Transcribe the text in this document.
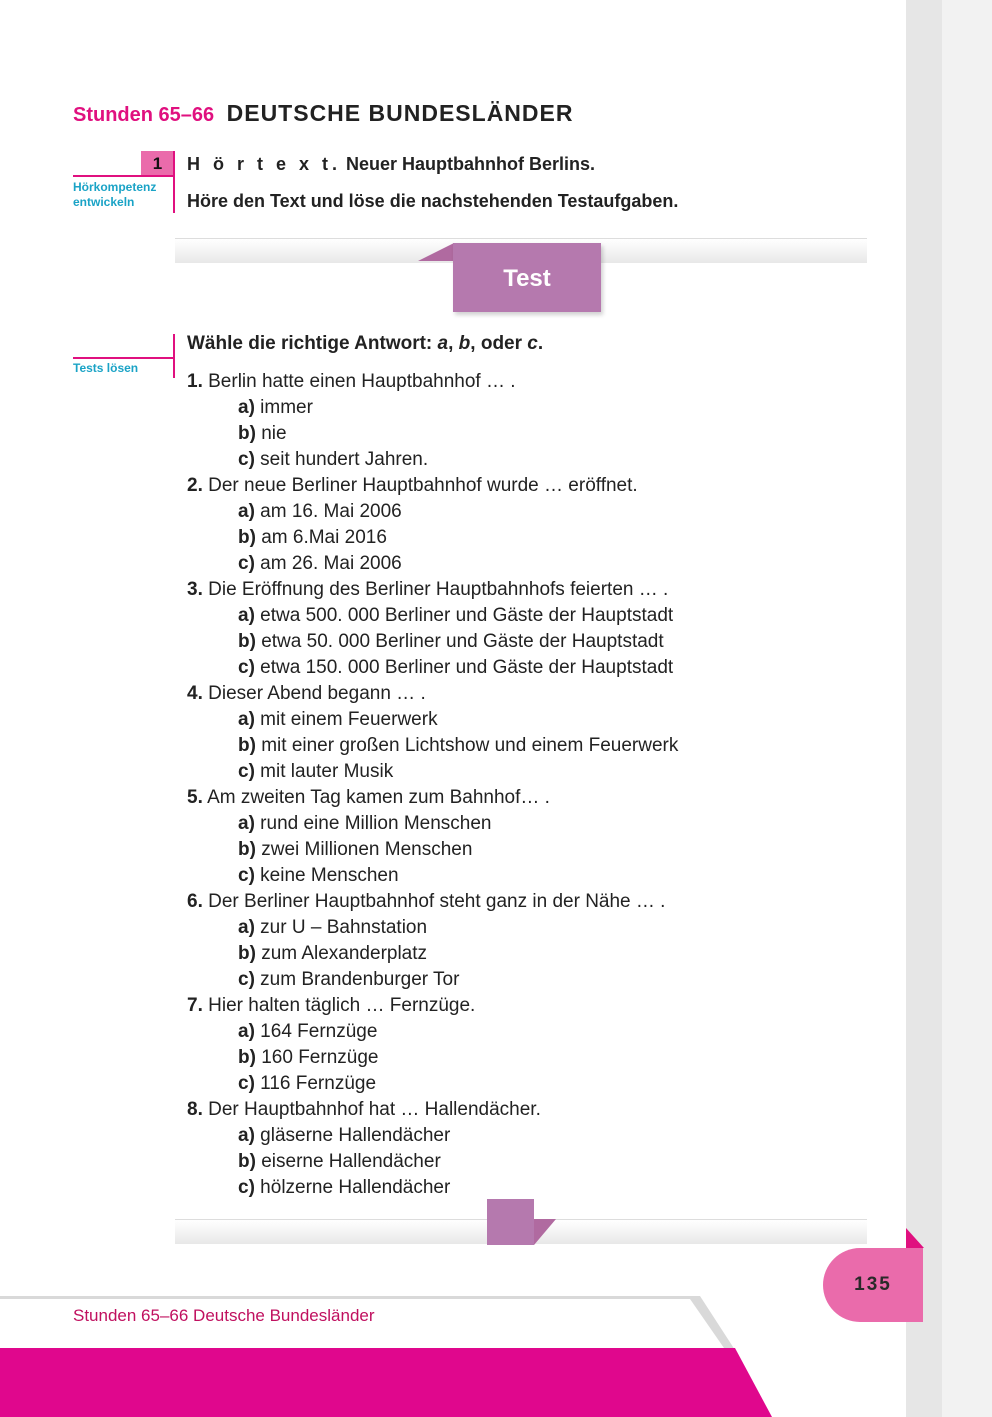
Stunden 65–66 DEUTSCHE BUNDESLÄNDER
1
Hörkompetenz
entwickeln
H ö r t e x t. Neuer Hauptbahnhof Berlins.
Höre den Text und löse die nachstehenden Testaufgaben.
Test
Tests lösen
Wähle die richtige Antwort: a, b, oder c.
1. Berlin hatte einen Hauptbahnhof … .
a) immer
b) nie
c) seit hundert Jahren.
2. Der neue Berliner Hauptbahnhof wurde … eröffnet.
a) am 16. Mai 2006
b) am 6.Mai 2016
c) am 26. Mai 2006
3. Die Eröffnung des Berliner Hauptbahnhofs feierten … .
a) etwa 500. 000 Berliner und Gäste der Hauptstadt
b) etwa 50. 000 Berliner und Gäste der Hauptstadt
c) etwa 150. 000 Berliner und Gäste der Hauptstadt
4. Dieser Abend begann … .
a) mit einem Feuerwerk
b) mit einer großen Lichtshow und einem Feuerwerk
c) mit lauter Musik
5. Am zweiten Tag kamen zum Bahnhof… .
a) rund eine Million Menschen
b) zwei Millionen Menschen
c) keine Menschen
6. Der Berliner Hauptbahnhof steht ganz in der Nähe … .
a) zur U – Bahnstation
b) zum Alexanderplatz
c) zum Brandenburger Tor
7. Hier halten täglich … Fernzüge.
a) 164 Fernzüge
b) 160 Fernzüge
c) 116 Fernzüge
8. Der Hauptbahnhof hat … Hallendächer.
a) gläserne Hallendächer
b) eiserne Hallendächer
c) hölzerne Hallendächer
135
Stunden 65–66 Deutsche Bundesländer
